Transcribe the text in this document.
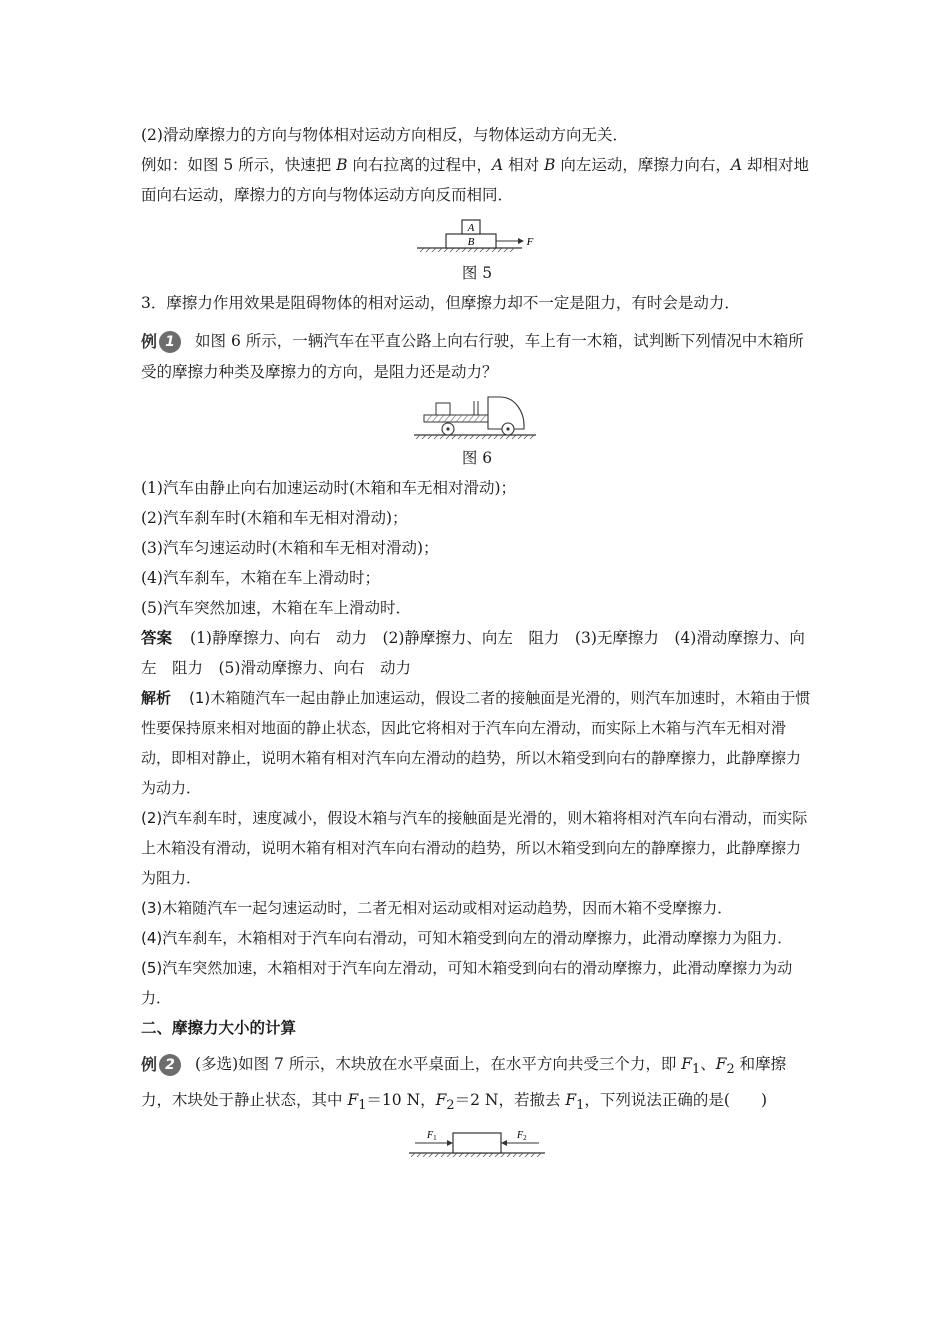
(2)滑动摩擦力的方向与物体相对运动方向相反，与物体运动方向无关．

例如：如图 5 所示，快速把 B 向右拉离的过程中，A 相对 B 向左运动，摩擦力向右，A 却相对地面向右运动，摩擦力的方向与物体运动方向反而相同．

A
B	F
图 5

3．摩擦力作用效果是阻碍物体的相对运动，但摩擦力却不一定是阻力，有时会是动力．

例 1	如图 6 所示，一辆汽车在平直公路上向右行驶，车上有一木箱，试判断下列情况中木箱所受的摩擦力种类及摩擦力的方向，是阻力还是动力？

图 6

(1)汽车由静止向右加速运动时(木箱和车无相对滑动)；

(2)汽车刹车时(木箱和车无相对滑动)；

(3)汽车匀速运动时(木箱和车无相对滑动)；

(4)汽车刹车，木箱在车上滑动时；

(5)汽车突然加速，木箱在车上滑动时．

答案 (1)静摩擦力、向右　动力　(2)静摩擦力、向左　阻力　(3)无摩擦力　(4)滑动摩擦力、向左　阻力　(5)滑动摩擦力、向右　动力

解析 (1)木箱随汽车一起由静止加速运动，假设二者的接触面是光滑的，则汽车加速时，木箱由于惯性要保持原来相对地面的静止状态，因此它将相对于汽车向左滑动，而实际上木箱与汽车无相对滑动，即相对静止，说明木箱有相对汽车向左滑动的趋势，所以木箱受到向右的静摩擦力，此静摩擦力为动力．

(2)汽车刹车时，速度减小，假设木箱与汽车的接触面是光滑的，则木箱将相对汽车向右滑动，而实际上木箱没有滑动，说明木箱有相对汽车向右滑动的趋势，所以木箱受到向左的静摩擦力，此静摩擦力为阻力．

(3)木箱随汽车一起匀速运动时，二者无相对运动或相对运动趋势，因而木箱不受摩擦力．

(4)汽车刹车，木箱相对于汽车向右滑动，可知木箱受到向左的滑动摩擦力，此滑动摩擦力为阻力．

(5)汽车突然加速，木箱相对于汽车向左滑动，可知木箱受到向右的滑动摩擦力，此滑动摩擦力为动力．

二、摩擦力大小的计算

例 2	(多选)如图 7 所示，木块放在水平桌面上，在水平方向共受三个力，即 $F_1$、$F_2$ 和摩擦力，木块处于静止状态，其中 $F_1=10$ N，$F_2=2$ N，若撤去 $F_1$，下列说法正确的是(　　)

$F_1$	$F_2$
